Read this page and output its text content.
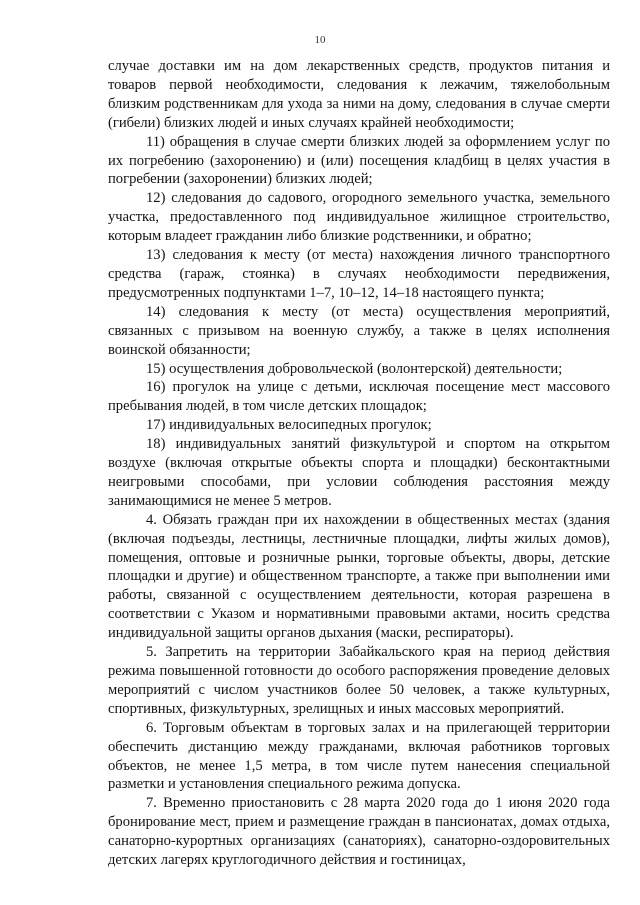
10

случае доставки им на дом лекарственных средств, продуктов питания и товаров первой необходимости, следования к лежачим, тяжелобольным близким родственникам для ухода за ними на дому, следования в случае смерти (гибели) близких людей и иных случаях крайней необходимости;

11) обращения в случае смерти близких людей за оформлением услуг по их погребению (захоронению) и (или) посещения кладбищ в целях участия в погребении (захоронении) близких людей;

12) следования до садового, огородного земельного участка, земельного участка, предоставленного под индивидуальное жилищное строительство, которым владеет гражданин либо близкие родственники, и обратно;

13) следования к месту (от места) нахождения личного транспортного средства (гараж, стоянка) в случаях необходимости передвижения, предусмотренных подпунктами 1–7, 10–12, 14–18 настоящего пункта;

14) следования к месту (от места) осуществления мероприятий, связанных с призывом на военную службу, а также в целях исполнения воинской обязанности;

15) осуществления добровольческой (волонтерской) деятельности;

16) прогулок на улице с детьми, исключая посещение мест массового пребывания людей, в том числе детских площадок;

17) индивидуальных велосипедных прогулок;

18) индивидуальных занятий физкультурой и спортом на открытом воздухе (включая открытые объекты спорта и площадки) бесконтактными неигровыми способами, при условии соблюдения расстояния между занимающимися не менее 5 метров.

4. Обязать граждан при их нахождении в общественных местах (здания (включая подъезды, лестницы, лестничные площадки, лифты жилых домов), помещения, оптовые и розничные рынки, торговые объекты, дворы, детские площадки и другие) и общественном транспорте, а также при выполнении ими работы, связанной с осуществлением деятельности, которая разрешена в соответствии с Указом и нормативными правовыми актами, носить средства индивидуальной защиты органов дыхания (маски, респираторы).

5. Запретить на территории Забайкальского края на период действия режима повышенной готовности до особого распоряжения проведение деловых мероприятий с числом участников более 50 человек, а также культурных, спортивных, физкультурных, зрелищных и иных массовых мероприятий.

6. Торговым объектам в торговых залах и на прилегающей территории обеспечить дистанцию между гражданами, включая работников торговых объектов, не менее 1,5 метра, в том числе путем нанесения специальной разметки и установления специального режима допуска.

7. Временно приостановить с 28 марта 2020 года до 1 июня 2020 года бронирование мест, прием и размещение граждан в пансионатах, домах отдыха, санаторно-курортных организациях (санаториях), санаторно-оздоровительных детских лагерях круглогодичного действия и гостиницах,
